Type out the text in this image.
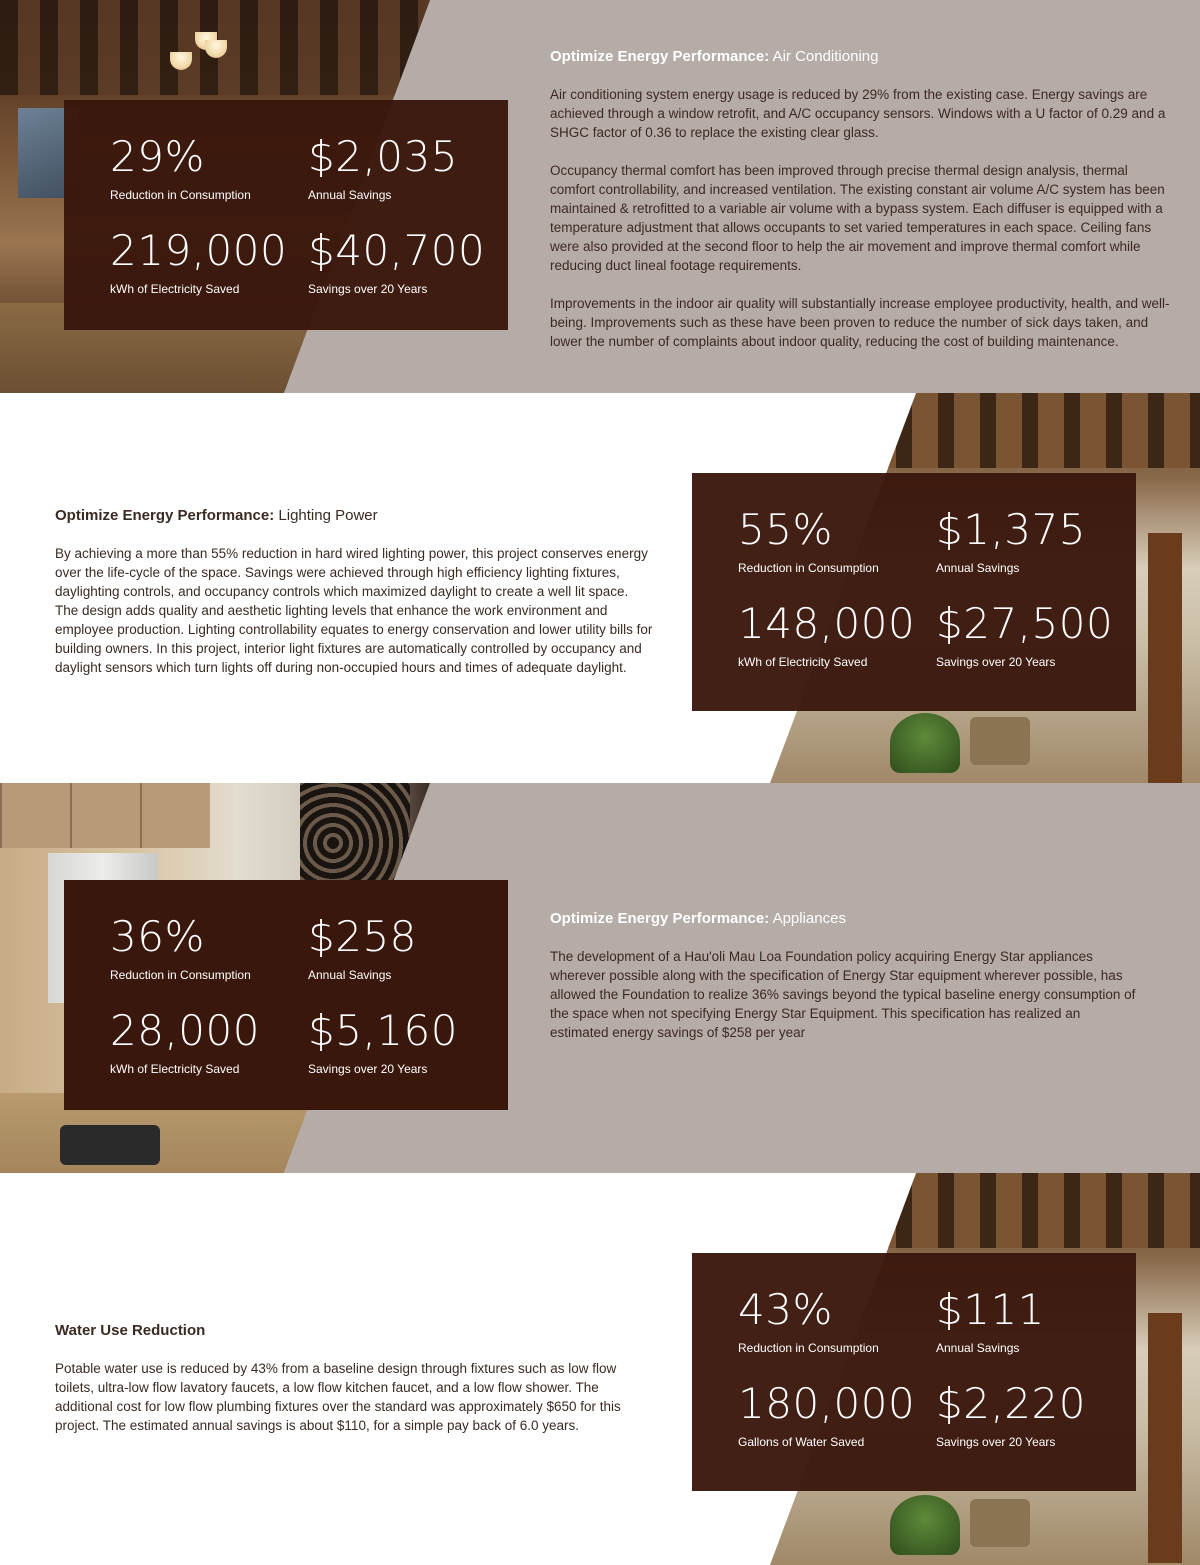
29%
Reduction in Consumption
$2,035
Annual Savings
219,000
kWh of Electricity Saved
$40,700
Savings over 20 Years
Optimize Energy Performance: Air Conditioning

Air conditioning system energy usage is reduced by 29% from the existing case. Energy savings are achieved through a window retrofit, and A/C occupancy sensors. Windows with a U factor of 0.29 and a SHGC factor of 0.36 to replace the existing clear glass.

Occupancy thermal comfort has been improved through precise thermal design analysis, thermal comfort controllability, and increased ventilation. The existing constant air volume A/C system has been maintained & retrofitted to a variable air volume with a bypass system. Each diffuser is equipped with a temperature adjustment that allows occupants to set varied temperatures in each space. Ceiling fans were also provided at the second floor to help the air movement and improve thermal comfort while reducing duct lineal footage requirements.

Improvements in the indoor air quality will substantially increase employee productivity, health, and well-being. Improvements such as these have been proven to reduce the number of sick days taken, and lower the number of complaints about indoor quality, reducing the cost of building maintenance.

Optimize Energy Performance: Lighting Power

By achieving a more than 55% reduction in hard wired lighting power, this project conserves energy over the life-cycle of the space. Savings were achieved through high efficiency lighting fixtures, daylighting controls, and occupancy controls which maximized daylight to create a well lit space. The design adds quality and aesthetic lighting levels that enhance the work environment and employee production. Lighting controllability equates to energy conservation and lower utility bills for building owners. In this project, interior light fixtures are automatically controlled by occupancy and daylight sensors which turn lights off during non-occupied hours and times of adequate daylight.

55%
Reduction in Consumption
$1,375
Annual Savings
148,000
kWh of Electricity Saved
$27,500
Savings over 20 Years
36%
Reduction in Consumption
$258
Annual Savings
28,000
kWh of Electricity Saved
$5,160
Savings over 20 Years
Optimize Energy Performance: Appliances

The development of a Hau'oli Mau Loa Foundation policy acquiring Energy Star appliances wherever possible along with the specification of Energy Star equipment wherever possible, has allowed the Foundation to realize 36% savings beyond the typical baseline energy consumption of the space when not specifying Energy Star Equipment. This specification has realized an estimated energy savings of $258 per year

Water Use Reduction

Potable water use is reduced by 43% from a baseline design through fixtures such as low flow toilets, ultra-low flow lavatory faucets, a low flow kitchen faucet, and a low flow shower. The additional cost for low flow plumbing fixtures over the standard was approximately $650 for this project. The estimated annual savings is about $110, for a simple pay back of 6.0 years.

43%
Reduction in Consumption
$111
Annual Savings
180,000
Gallons of Water Saved
$2,220
Savings over 20 Years
